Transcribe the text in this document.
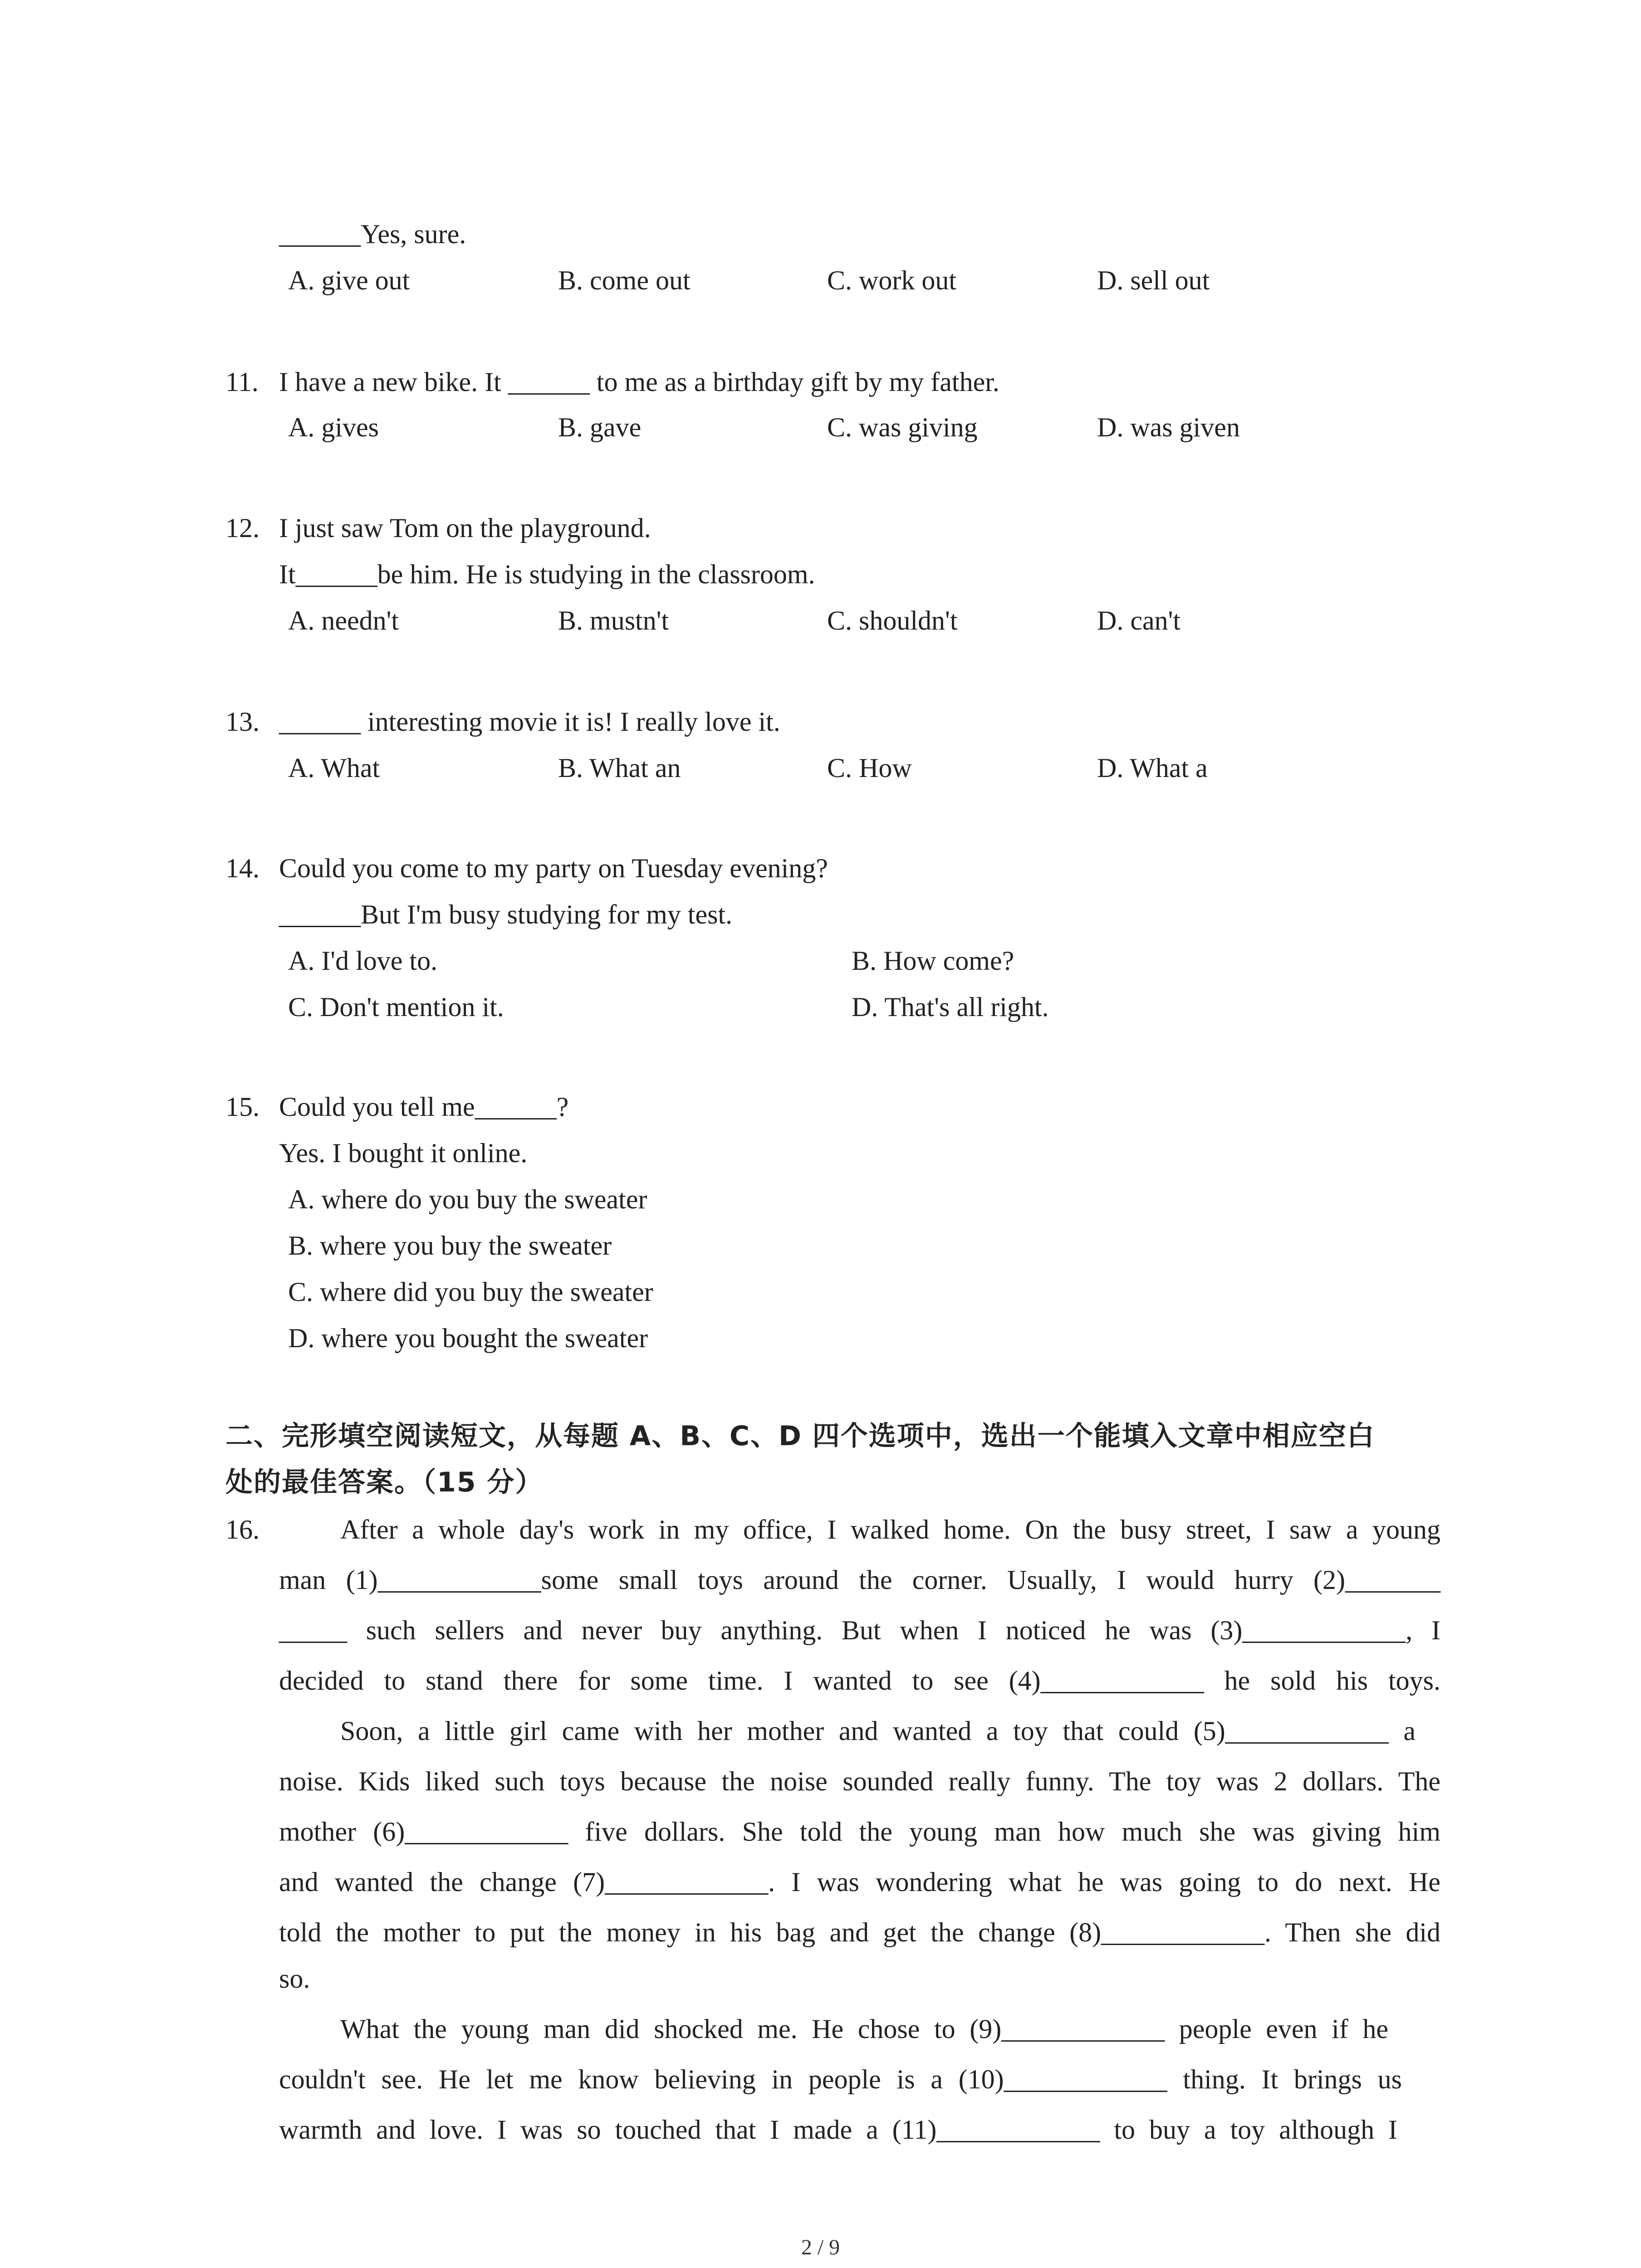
______Yes, sure.
A. give out	B. come out	C. work out	D. sell out
11. I have a new bike. It ______ to me as a birthday gift by my father.
A. gives	B. gave	C. was giving	D. was given
12. I just saw Tom on the playground.
It______be him. He is studying in the classroom.
A. needn't	B. mustn't	C. shouldn't	D. can't
13. ______ interesting movie it is! I really love it.
A. What	B. What an	C. How	D. What a
14. Could you come to my party on Tuesday evening?
______But I'm busy studying for my test.
A. I'd love to.	B. How come?
C. Don't mention it.	D. That's all right.
15. Could you tell me______?
Yes. I bought it online.
A. where do you buy the sweater
B. where you buy the sweater
C. where did you buy the sweater
D. where you bought the sweater
二、完形填空阅读短文，从每题 A、B、C、D 四个选项中，选出一个能填入文章中相应空白
处的最佳答案。（15 分）
16.	After a whole day's work in my office, I walked home. On the busy street, I saw a young
man (1)____________some small toys around the corner. Usually, I would hurry (2)_______
_____ such sellers and never buy anything. But when I noticed he was (3)____________, I
decided to stand there for some time. I wanted to see (4)____________ he sold his toys.
Soon, a little girl came with her mother and wanted a toy that could (5)____________ a
noise. Kids liked such toys because the noise sounded really funny. The toy was 2 dollars. The
mother (6)____________ five dollars. She told the young man how much she was giving him
and wanted the change (7)____________. I was wondering what he was going to do next. He
told the mother to put the money in his bag and get the change (8)____________. Then she did
so.
What the young man did shocked me. He chose to (9)____________ people even if he
couldn't see. He let me know believing in people is a (10)____________ thing. It brings us
warmth and love. I was so touched that I made a (11)____________ to buy a toy although I
2 / 9
